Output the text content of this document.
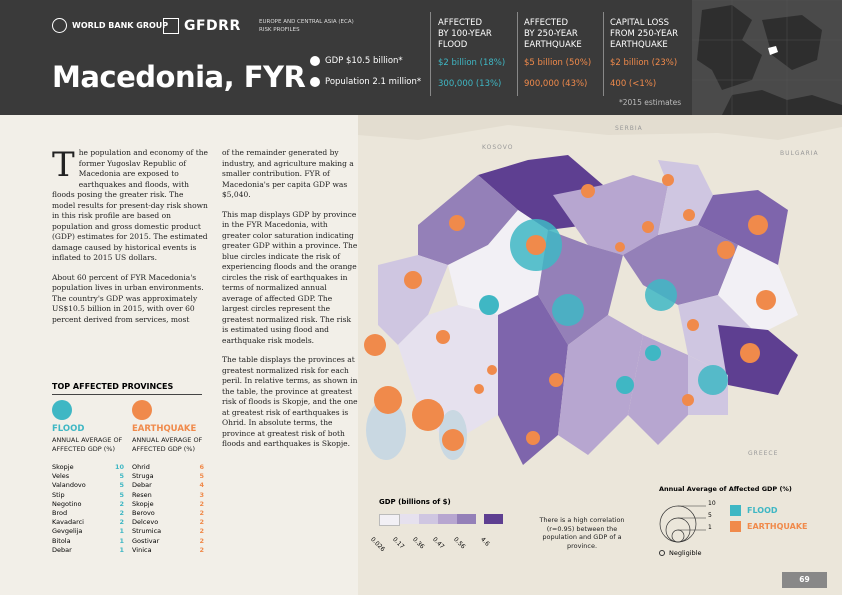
WORLD BANK GROUP GFDRR	EUROPE AND CENTRAL ASIA (ECA)
RISK PROFILES
Macedonia, FYR GDP $10.5 billion*
Population 2.1 million*
AFFECTED
BY 100-YEAR
FLOOD
$2 billion (18%)
300,000 (13%)
AFFECTED
BY 250-YEAR
EARTHQUAKE
$5 billion (50%)
900,000 (43%)
CAPITAL LOSS
FROM 250-YEAR
EARTHQUAKE
$2 billion (23%)
400 (<1%)
*2015 estimates

The population and economy of the former Yugoslav Republic of Macedonia are exposed to earthquakes and floods, with floods posing the greater risk. The model results for present-day risk shown in this risk profile are based on population and gross domestic product (GDP) estimates for 2015. The estimated damage caused by historical events is inflated to 2015 US dollars.

About 60 percent of FYR Macedonia's population lives in urban environments. The country's GDP was approximately US$10.5 billion in 2015, with over 60 percent derived from services, most

of the remainder generated by industry, and agriculture making a smaller contribution. FYR of Macedonia's per capita GDP was $5,040.

This map displays GDP by province in the FYR Macedonia, with greater color saturation indicating greater GDP within a province. The blue circles indicate the risk of experiencing floods and the orange circles the risk of earthquakes in terms of normalized annual average of affected GDP. The largest circles represent the greatest normalized risk. The risk is estimated using flood and earthquake risk models.

The table displays the provinces at greatest normalized risk for each peril. In relative terms, as shown in the table, the province at greatest risk of floods is Skopje, and the one at greatest risk of earthquakes is Ohrid. In absolute terms, the province at greatest risk of both floods and earthquakes is Skopje.

TOP AFFECTED PROVINCES
FLOOD	EARTHQUAKE
ANNUAL AVERAGE OF AFFECTED GDP (%)
ANNUAL AVERAGE OF AFFECTED GDP (%)
Skopje	10
Veles	5
Valandovo	5
Stip	5
Negotino	2
Brod	2
Kavadarci	2
Gevgelija	1
Bitola	1
Debar	1
Ohrid	6
Struga	5
Debar	4
Resen	3
Skopje	2
Berovo	2
Delcevo	2
Strumica	2
Gostivar	2
Vinica	2
SERBIA
KOSOVO
BULGARIA
GREECE
GDP (billions of $)
0.026 0.17 0.36 0.47 0.56 4.6
There is a high correlation (r=0.95) between the population and GDP of a province.
Annual Average of Affected GDP (%)
10
5
1
Negligible
FLOOD
EARTHQUAKE
69
